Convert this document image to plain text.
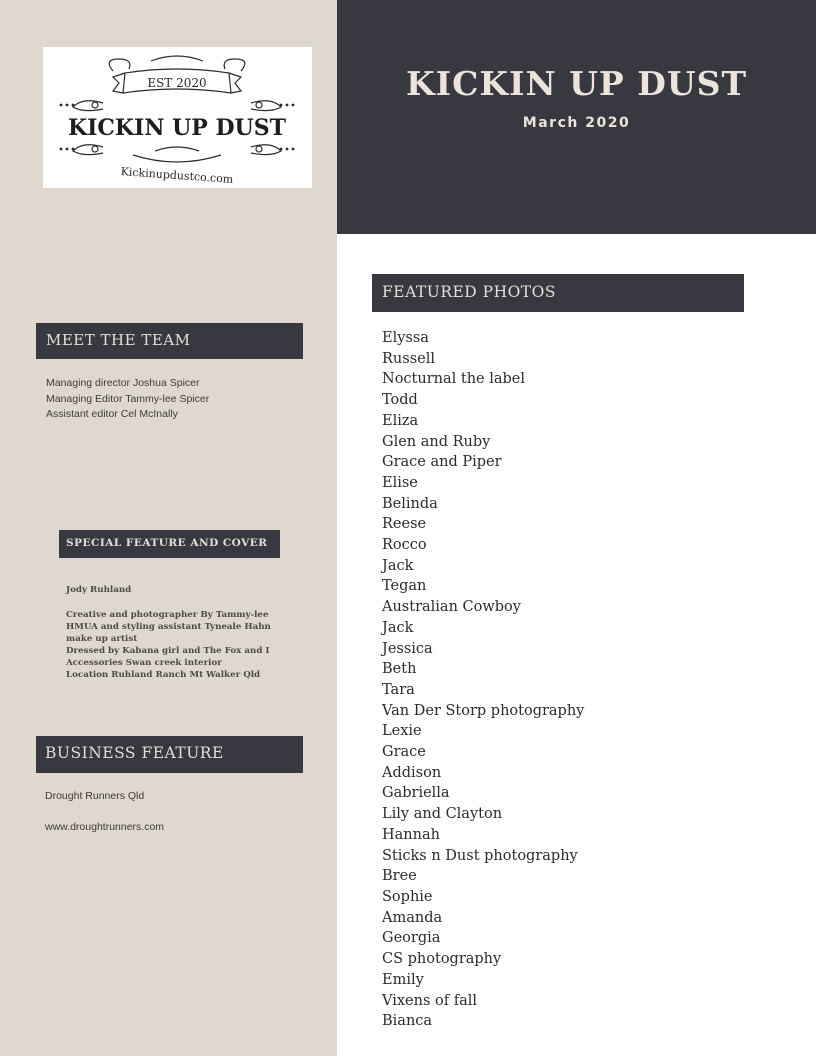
EST 2020
KICKIN UP DUST
Kickinupdustco.com
KICKIN UP DUST
March 2020
MEET THE TEAM
Managing director Joshua Spicer
Managing Editor Tammy-lee Spicer
Assistant editor Cel McInally
SPECIAL FEATURE AND COVER
Jody Ruhland
Creative and photographer By Tammy-lee
HMUA and styling assistant Tyneale Hahn
make up artist
Dressed by Kabana girl and The Fox and I
Accessories Swan creek interior
Location Ruhland Ranch Mt Walker Qld
BUSINESS FEATURE
Drought Runners Qld
www.droughtrunners.com
FEATURED PHOTOS
Elyssa
Russell
Nocturnal the label
Todd
Eliza
Glen and Ruby
Grace and Piper
Elise
Belinda
Reese
Rocco
Jack
Tegan
Australian Cowboy
Jack
Jessica
Beth
Tara
Van Der Storp photography
Lexie
Grace
Addison
Gabriella
Lily and Clayton
Hannah
Sticks n Dust photography
Bree
Sophie
Amanda
Georgia
CS photography
Emily
Vixens of fall
Bianca
